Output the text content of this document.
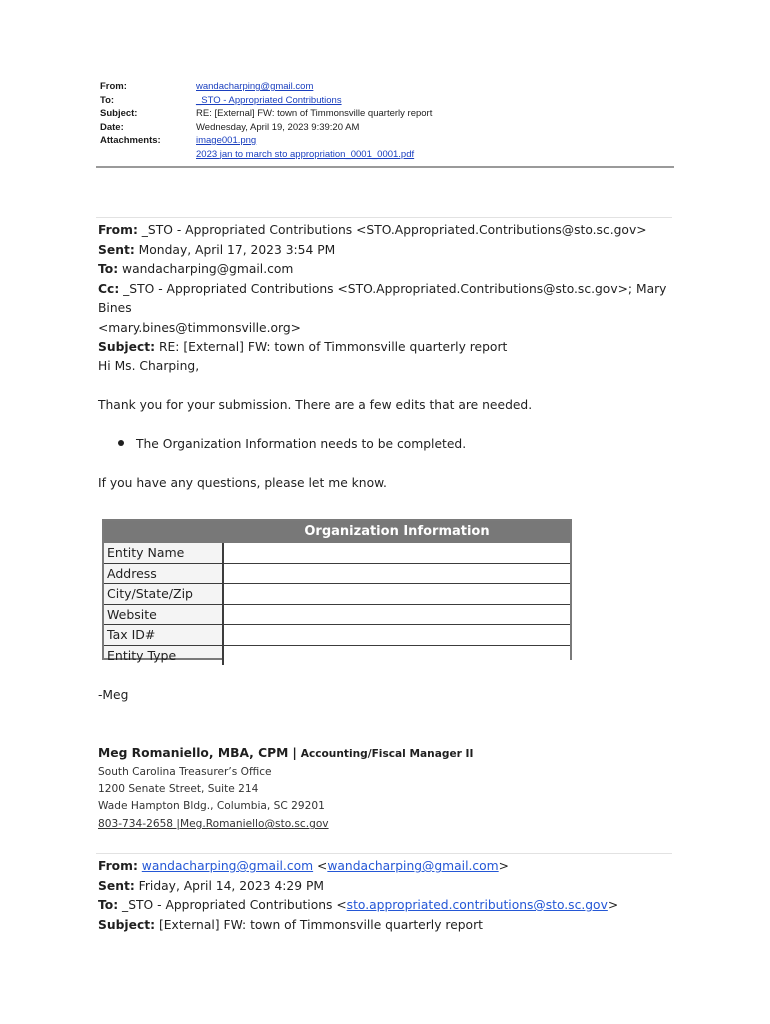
From:	wandacharping@gmail.com
To:	_STO - Appropriated Contributions
Subject:	RE: [External] FW: town of Timmonsville quarterly report
Date:	Wednesday, April 19, 2023 9:39:20 AM
Attachments:	image001.png
2023 jan to march sto appropriation_0001_0001.pdf
From: _STO - Appropriated Contributions <STO.Appropriated.Contributions@sto.sc.gov>
Sent: Monday, April 17, 2023 3:54 PM
To: wandacharping@gmail.com
Cc: _STO - Appropriated Contributions <STO.Appropriated.Contributions@sto.sc.gov>; Mary Bines
<mary.bines@timmonsville.org>
Subject: RE: [External] FW: town of Timmonsville quarterly report
Hi Ms. Charping,
Thank you for your submission. There are a few edits that are needed.
The Organization Information needs to be completed.
If you have any questions, please let me know.
Organization Information
Entity Name
Address
City/State/Zip
Website
Tax ID#
Entity Type
-Meg
Meg Romaniello, MBA, CPM | Accounting/Fiscal Manager II
South Carolina Treasurer’s Office
1200 Senate Street, Suite 214
Wade Hampton Bldg., Columbia, SC 29201
803-734-2658 |Meg.Romaniello@sto.sc.gov
From: wandacharping@gmail.com <wandacharping@gmail.com>
Sent: Friday, April 14, 2023 4:29 PM
To: _STO - Appropriated Contributions <sto.appropriated.contributions@sto.sc.gov>
Subject: [External] FW: town of Timmonsville quarterly report
